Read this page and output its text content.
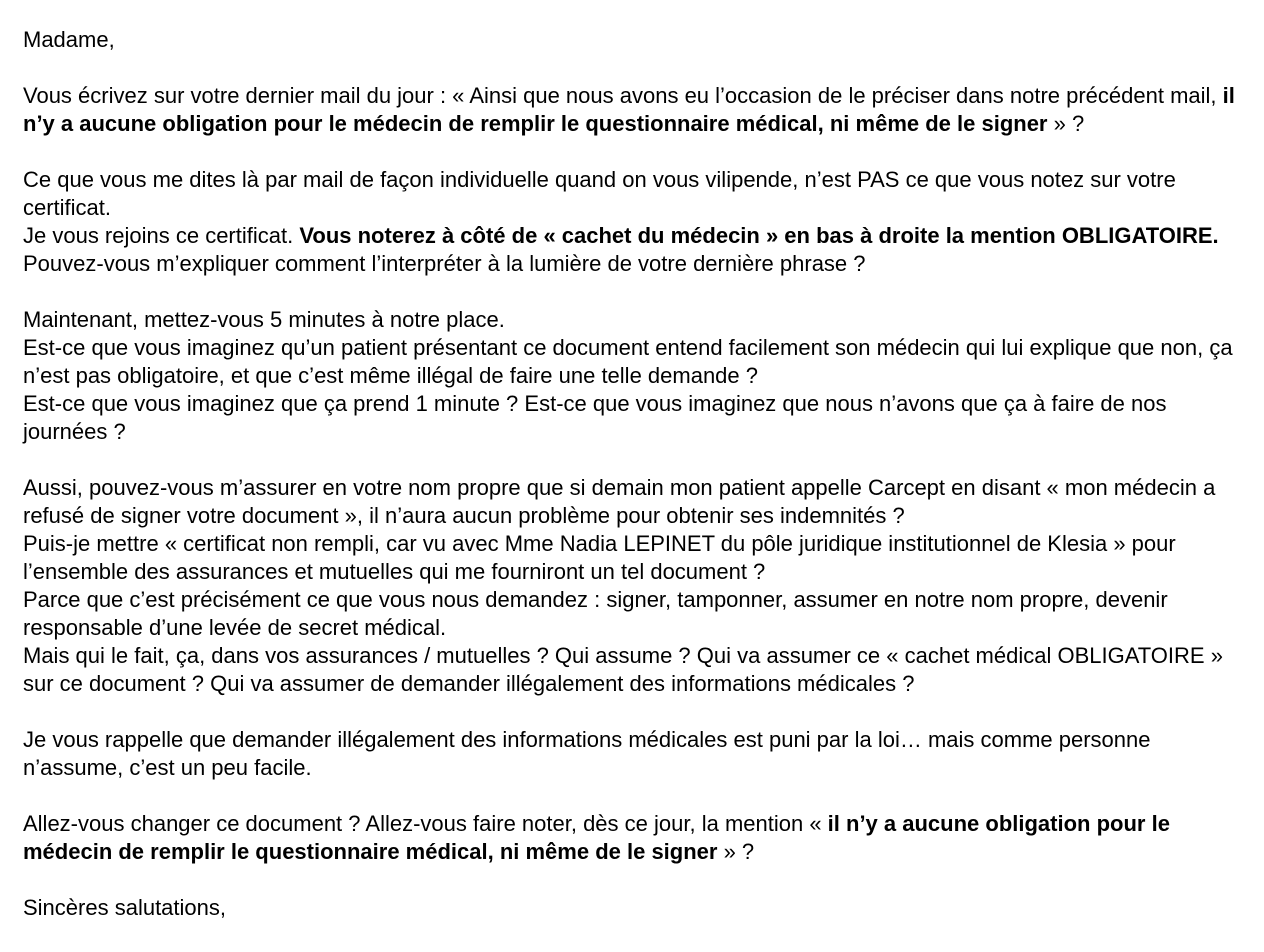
Madame,

Vous écrivez sur votre dernier mail du jour : « Ainsi que nous avons eu l’occasion de le préciser dans notre précédent mail, il n’y a aucune obligation pour le médecin de remplir le questionnaire médical, ni même de le signer » ?

Ce que vous me dites là par mail de façon individuelle quand on vous vilipende, n’est PAS ce que vous notez sur votre certificat.
Je vous rejoins ce certificat. Vous noterez à côté de « cachet du médecin » en bas à droite la mention OBLIGATOIRE. Pouvez-vous m’expliquer comment l’interpréter à la lumière de votre dernière phrase ?

Maintenant, mettez-vous 5 minutes à notre place.
Est-ce que vous imaginez qu’un patient présentant ce document entend facilement son médecin qui lui explique que non, ça n’est pas obligatoire, et que c’est même illégal de faire une telle demande ?
Est-ce que vous imaginez que ça prend 1 minute ? Est-ce que vous imaginez que nous n’avons que ça à faire de nos journées ?

Aussi, pouvez-vous m’assurer en votre nom propre que si demain mon patient appelle Carcept en disant « mon médecin a refusé de signer votre document », il n’aura aucun problème pour obtenir ses indemnités ?
Puis-je mettre « certificat non rempli, car vu avec Mme Nadia LEPINET du pôle juridique institutionnel de Klesia » pour l’ensemble des assurances et mutuelles qui me fourniront un tel document ?
Parce que c’est précisément ce que vous nous demandez : signer, tamponner, assumer en notre nom propre, devenir responsable d’une levée de secret médical.
Mais qui le fait, ça, dans vos assurances / mutuelles ? Qui assume ? Qui va assumer ce « cachet médical OBLIGATOIRE » sur ce document ? Qui va assumer de demander illégalement des informations médicales ?

Je vous rappelle que demander illégalement des informations médicales est puni par la loi… mais comme personne n’assume, c’est un peu facile.

Allez-vous changer ce document ? Allez-vous faire noter, dès ce jour, la mention « il n’y a aucune obligation pour le médecin de remplir le questionnaire médical, ni même de le signer » ?

Sincères salutations,
